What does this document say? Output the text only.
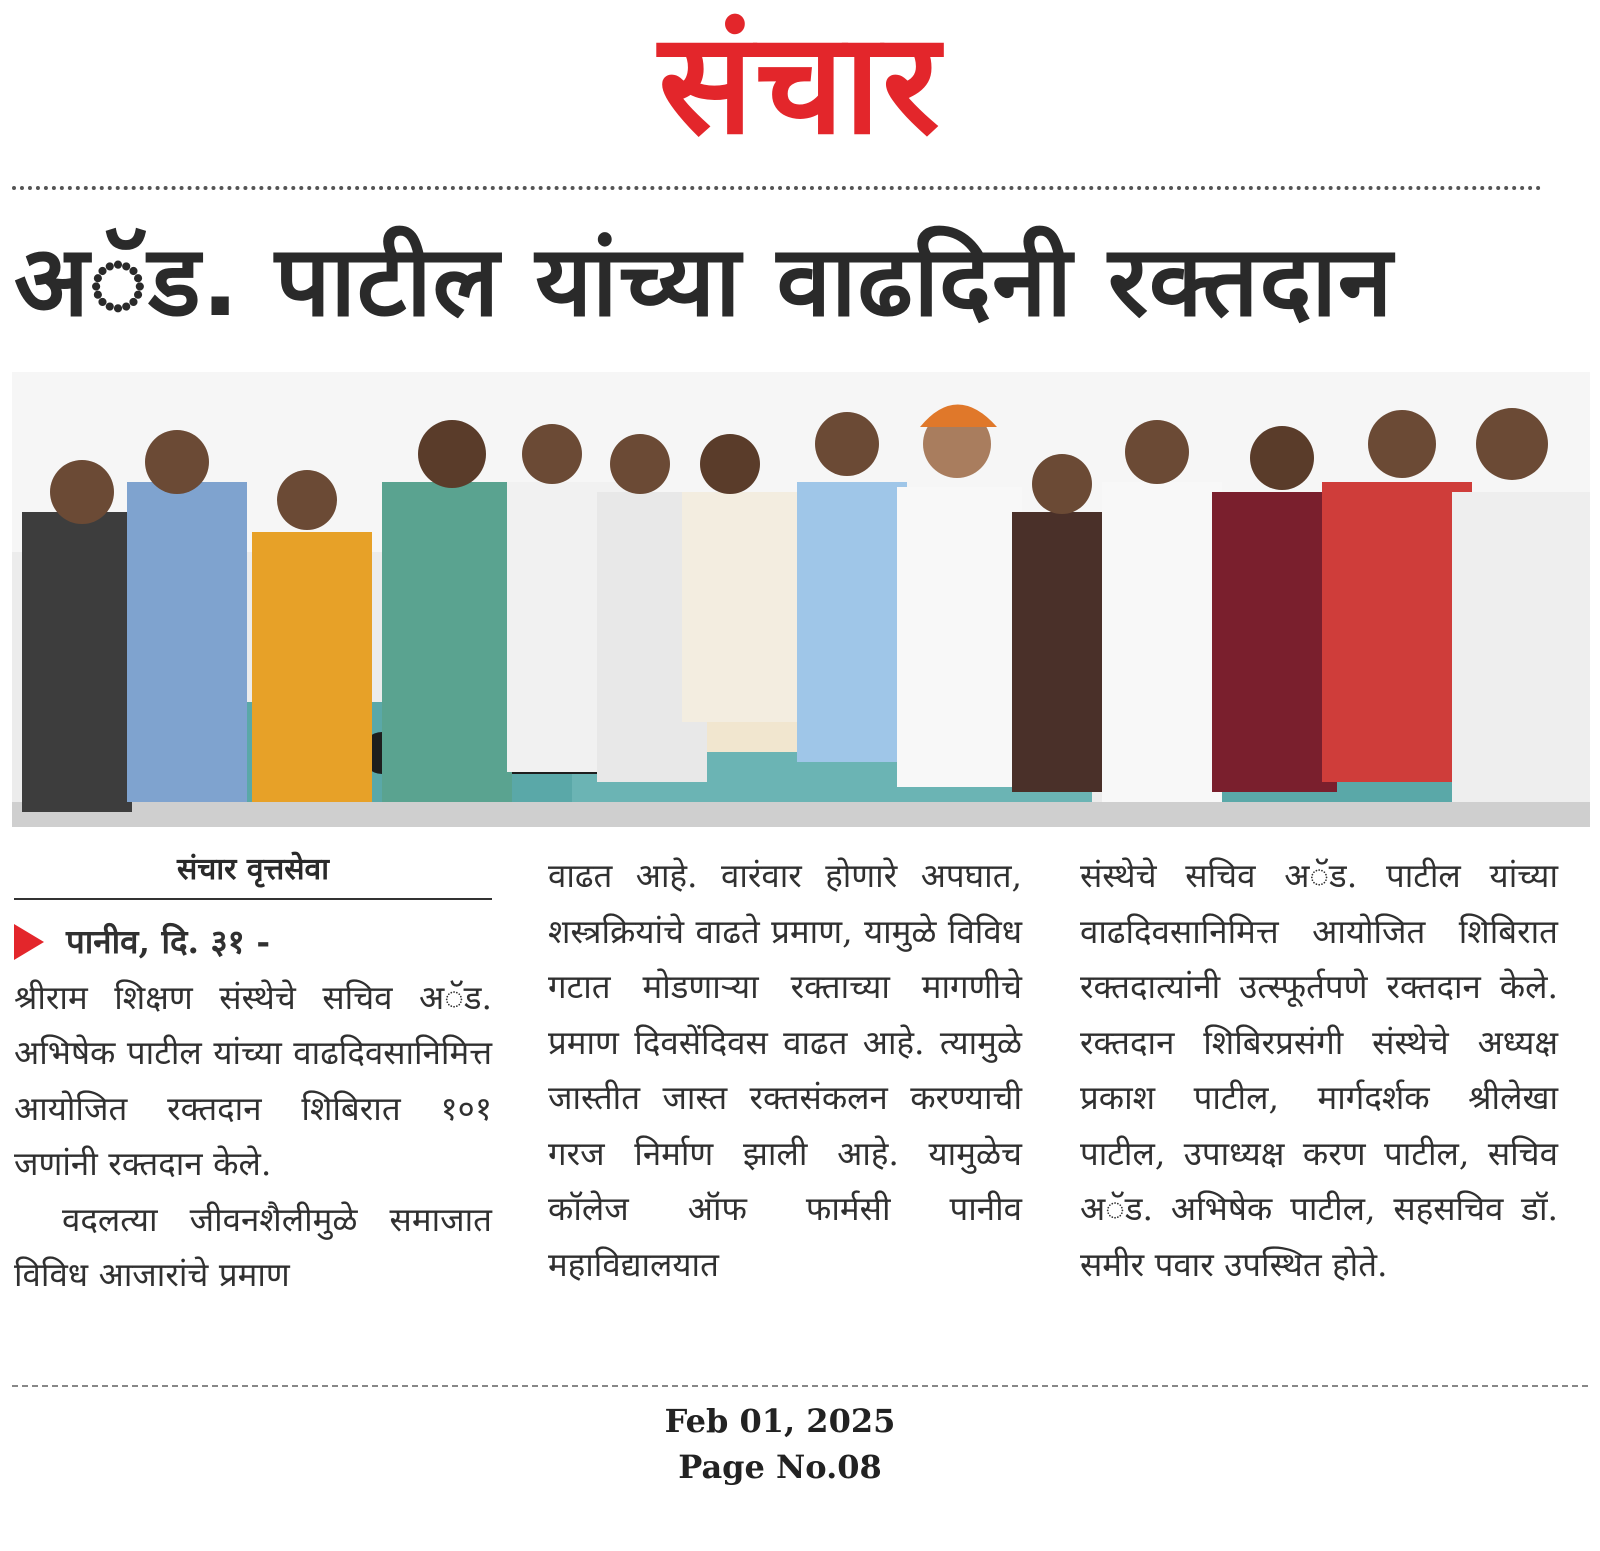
संचार
अॅड. पाटील यांच्या वाढदिनी रक्तदान
संचार वृत्तसेवा
पानीव, दि. ३१ -

श्रीराम शिक्षण संस्थेचे सचिव अॅड. अभिषेक पाटील यांच्या वाढदिवसानिमित्त आयोजित रक्तदान शिबिरात १०१ जणांनी रक्तदान केले.

वदलत्या जीवनशैलीमुळे समाजात विविध आजारांचे प्रमाण

वाढत आहे. वारंवार होणारे अपघात, शस्त्रक्रियांचे वाढते प्रमाण, यामुळे विविध गटात मोडणाऱ्या रक्ताच्या मागणीचे प्रमाण दिवसेंदिवस वाढत आहे. त्यामुळे जास्तीत जास्त रक्तसंकलन करण्याची गरज निर्माण झाली आहे. यामुळेच कॉलेज ऑफ फार्मसी पानीव महाविद्यालयात

संस्थेचे सचिव अॅड. पाटील यांच्या वाढदिवसानिमित्त आयोजित शिबिरात रक्तदात्यांनी उत्स्फूर्तपणे रक्तदान केले. रक्तदान शिबिरप्रसंगी संस्थेचे अध्यक्ष प्रकाश पाटील, मार्गदर्शक श्रीलेखा पाटील, उपाध्यक्ष करण पाटील, सचिव अॅड. अभिषेक पाटील, सहसचिव डॉ. समीर पवार उपस्थित होते.

Feb 01, 2025
Page No.08
